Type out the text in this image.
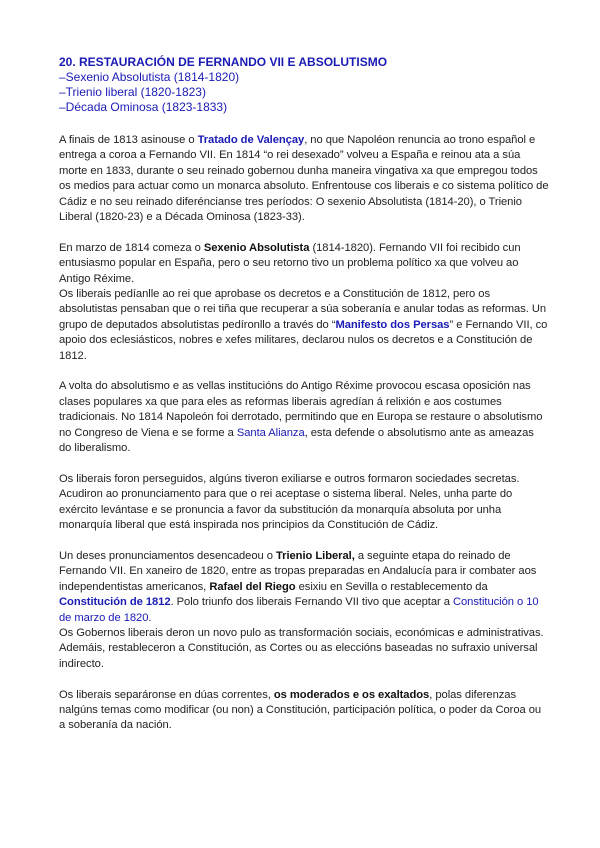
20. RESTAURACIÓN DE FERNANDO VII E ABSOLUTISMO
–Sexenio Absolutista (1814-1820)
–Trienio liberal (1820-1823)
–Década Ominosa (1823-1833)

A finais de 1813 asinouse o Tratado de Valençay, no que Napoléon renuncia ao trono español e entrega a coroa a Fernando VII. En 1814 “o rei desexado” volveu a España e reinou ata a súa morte en 1833, durante o seu reinado gobernou dunha maneira vingativa xa que empregou todos os medios para actuar como un monarca absoluto. Enfrentouse cos liberais e co sistema político de Cádiz e no seu reinado diferéncianse tres períodos: O sexenio Absolutista (1814-20), o Trienio Liberal (1820-23) e a Década Ominosa (1823-33).

En marzo de 1814 comeza o Sexenio Absolutista (1814-1820). Fernando VII foi recibido cun entusiasmo popular en España, pero o seu retorno tivo un problema político xa que volveu ao Antigo Réxime.

Os liberais pedíanlle ao rei que aprobase os decretos e a Constitución de 1812, pero os absolutistas pensaban que o rei tiña que recuperar a súa soberanía e anular todas as reformas. Un grupo de deputados absolutistas pedíronllo a través do “Manifesto dos Persas” e Fernando VII, co apoio dos eclesiásticos, nobres e xefes militares, declarou nulos os decretos e a Constitución de 1812.

A volta do absolutismo e as vellas institucións do Antigo Réxime provocou escasa oposición nas clases populares xa que para eles as reformas liberais agredían á relixión e aos costumes tradicionais. No 1814 Napoleón foi derrotado, permitindo que en Europa se restaure o absolutismo no Congreso de Viena e se forme a Santa Alianza, esta defende o absolutismo ante as ameazas do liberalismo.

Os liberais foron perseguidos, algúns tiveron exiliarse e outros formaron sociedades secretas. Acudiron ao pronunciamento para que o rei aceptase o sistema liberal. Neles, unha parte do exército levántase e se pronuncia a favor da substitución da monarquía absoluta por unha monarquía liberal que está inspirada nos principios da Constitución de Cádiz.

Un deses pronunciamentos desencadeou o Trienio Liberal, a seguinte etapa do reinado de Fernando VII. En xaneiro de 1820, entre as tropas preparadas en Andalucía para ir combater aos independentistas americanos, Rafael del Riego esixiu en Sevilla o restablecemento da Constitución de 1812. Polo triunfo dos liberais Fernando VII tivo que aceptar a Constitución o 10 de marzo de 1820.

Os Gobernos liberais deron un novo pulo as transformación sociais, económicas e administrativas. Ademáis, restableceron a Constitución, as Cortes ou as eleccións baseadas no sufraxio universal indirecto.

Os liberais separáronse en dúas correntes, os moderados e os exaltados, polas diferenzas nalgúns temas como modificar (ou non) a Constitución, participación política, o poder da Coroa ou a soberanía da nación.
